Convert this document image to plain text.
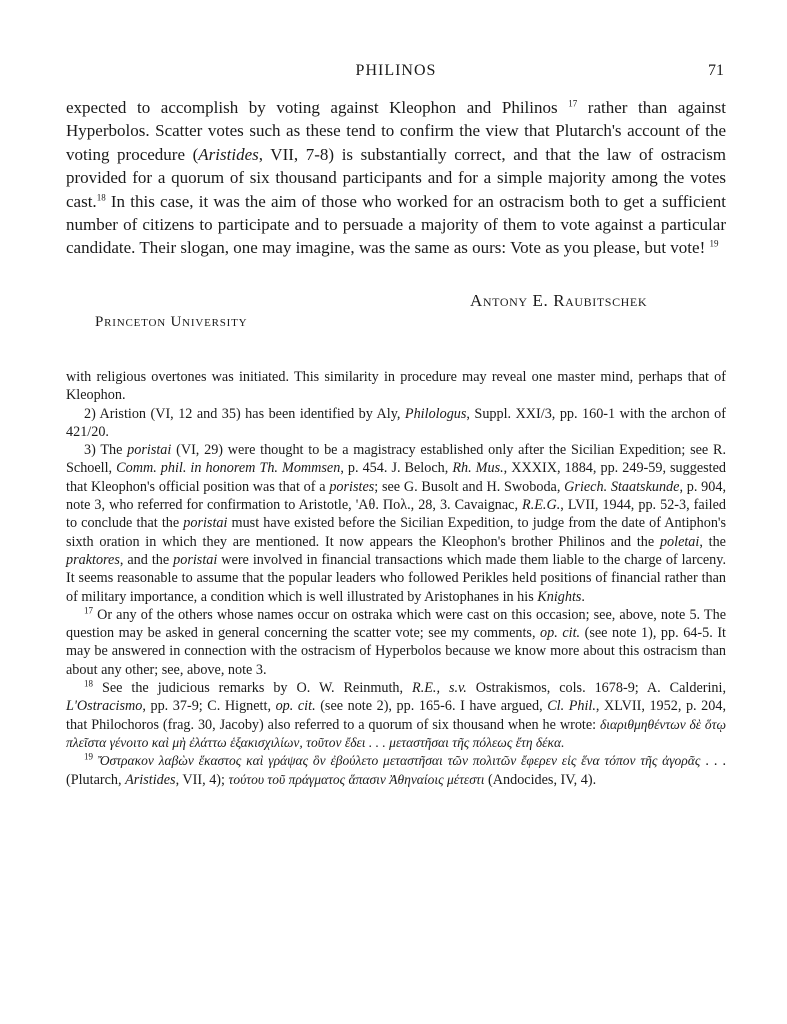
PHILINOS	71

expected to accomplish by voting against Kleophon and Philinos $^{17}$ rather than against Hyperbolos. Scatter votes such as these tend to confirm the view that Plutarch's account of the voting procedure (Aristides, VII, 7-8) is substantially correct, and that the law of ostracism provided for a quorum of six thousand participants and for a simple majority among the votes cast.$^{18}$ In this case, it was the aim of those who worked for an ostracism both to get a sufficient number of citizens to participate and to persuade a majority of them to vote against a particular candidate. Their slogan, one may imagine, was the same as ours: Vote as you please, but vote! $^{19}$

Antony E. Raubitschek
Princeton University

with religious overtones was initiated. This similarity in procedure may reveal one master mind, perhaps that of Kleophon.

2) Aristion (VI, 12 and 35) has been identified by Aly, Philologus, Suppl. XXI/3, pp. 160-1 with the archon of 421/20.

3) The poristai (VI, 29) were thought to be a magistracy established only after the Sicilian Expedition; see R. Schoell, Comm. phil. in honorem Th. Mommsen, p. 454. J. Beloch, Rh. Mus., XXXIX, 1884, pp. 249-59, suggested that Kleophon's official position was that of a poristes; see G. Busolt and H. Swoboda, Griech. Staatskunde, p. 904, note 3, who referred for confirmation to Aristotle, 'Aθ. Πoλ., 28, 3. Cavaignac, R.E.G., LVII, 1944, pp. 52-3, failed to conclude that the poristai must have existed before the Sicilian Expedition, to judge from the date of Antiphon's sixth oration in which they are mentioned. It now appears the Kleophon's brother Philinos and the poletai, the praktores, and the poristai were involved in financial transactions which made them liable to the charge of larceny. It seems reasonable to assume that the popular leaders who followed Perikles held positions of financial rather than of military importance, a condition which is well illustrated by Aristophanes in his Knights.

$^{17}$ Or any of the others whose names occur on ostraka which were cast on this occasion; see, above, note 5. The question may be asked in general concerning the scatter vote; see my comments, op. cit. (see note 1), pp. 64-5. It may be answered in connection with the ostracism of Hyperbolos because we know more about this ostracism than about any other; see, above, note 3.

$^{18}$ See the judicious remarks by O. W. Reinmuth, R.E., s.v. Ostrakismos, cols. 1678-9; A. Calderini, L'Ostracismo, pp. 37-9; C. Hignett, op. cit. (see note 2), pp. 165-6. I have argued, Cl. Phil., XLVII, 1952, p. 204, that Philochoros (frag. 30, Jacoby) also referred to a quorum of six thousand when he wrote: διαριθμηθέντων δὲ ὅτῳ πλεῖστα γένοιτο καὶ μὴ ἐλάττω ἑξακισχιλίων, τοῦτον ἔδει . . . μεταστῆσαι τῆς πόλεως ἔτη δέκα.

$^{19}$ Ὄστρακον λαβὼν ἕκαστος καὶ γράψας ὃν ἐβούλετο μεταστῆσαι τῶν πολιτῶν ἔφερεν εἰς ἕνα τόπον τῆς ἀγορᾶς . . . (Plutarch, Aristides, VII, 4); τούτου τοῦ πράγματος ἅπασιν Ἀθηναίοις μέτεστι (Andocides, IV, 4).
